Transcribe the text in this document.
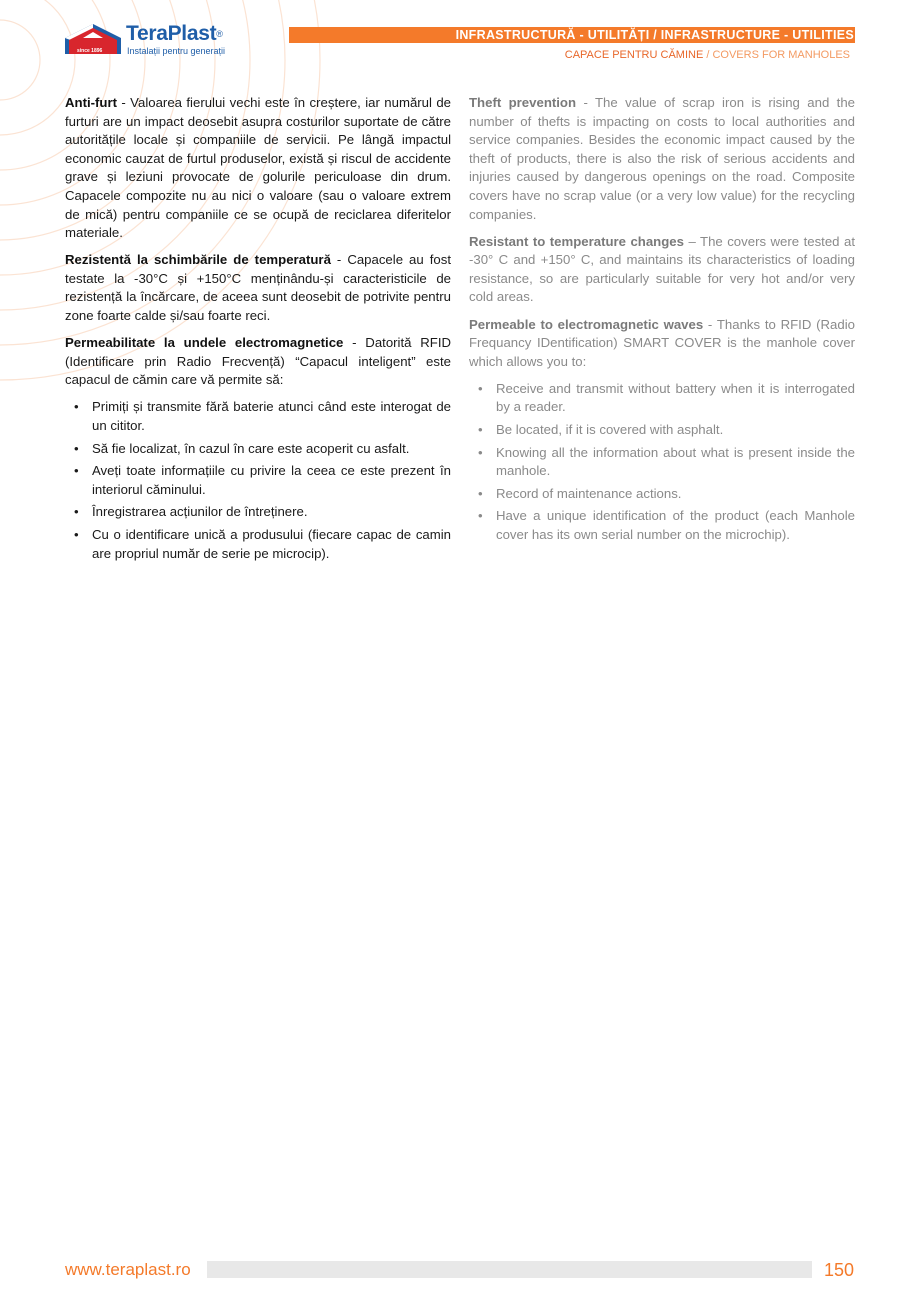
since 1896
TeraPlast®
Instalații pentru generații
INFRASTRUCTURĂ - UTILITĂȚI / INFRASTRUCTURE - UTILITIES
CAPACE PENTRU CĂMINE / COVERS FOR MANHOLES

Anti-furt - Valoarea fierului vechi este în creștere, iar numărul de furturi are un impact deosebit asupra costurilor suportate de către autoritățile locale și companiile de servicii. Pe lângă impactul economic cauzat de furtul produselor, există și riscul de accidente grave și leziuni provocate de golurile periculoase din drum. Capacele compozite nu au nici o valoare (sau o valoare extrem de mică) pentru companiile ce se ocupă de reciclarea diferitelor materiale.

Rezistentă la schimbările de temperatură - Capacele au fost testate la -30°C și +150°C menținându-și caracteristicile de rezistență la încărcare, de aceea sunt deosebit de potrivite pentru zone foarte calde și/sau foarte reci.

Permeabilitate la undele electromagnetice - Datorită RFID (Identificare prin Radio Frecvență) “Capacul inteligent” este capacul de cămin care vă permite să:

• Primiți și transmite fără baterie atunci când este interogat de un cititor.
• Să fie localizat, în cazul în care este acoperit cu asfalt.
• Aveți toate informațiile cu privire la ceea ce este prezent în interiorul căminului.
• Înregistrarea acțiunilor de întreținere.
• Cu o identificare unică a produsului (fiecare capac de camin are propriul număr de serie pe microcip).

Theft prevention - The value of scrap iron is rising and the number of thefts is impacting on costs to local authorities and service companies. Besides the economic impact caused by the theft of products, there is also the risk of serious accidents and injuries caused by dangerous openings on the road. Composite covers have no scrap value (or a very low value) for the recycling companies.

Resistant to temperature changes – The covers were tested at -30° C and +150° C, and maintains its characteristics of loading resistance, so are particularly suitable for very hot and/or very cold areas.

Permeable to electromagnetic waves - Thanks to RFID (Radio Frequancy IDentification) SMART COVER is the manhole cover which allows you to:

• Receive and transmit without battery when it is interrogated by a reader.
• Be located, if it is covered with asphalt.
• Knowing all the information about what is present inside the manhole.
• Record of maintenance actions.
• Have a unique identification of the product (each Manhole cover has its own serial number on the microchip).
www.teraplast.ro	150
